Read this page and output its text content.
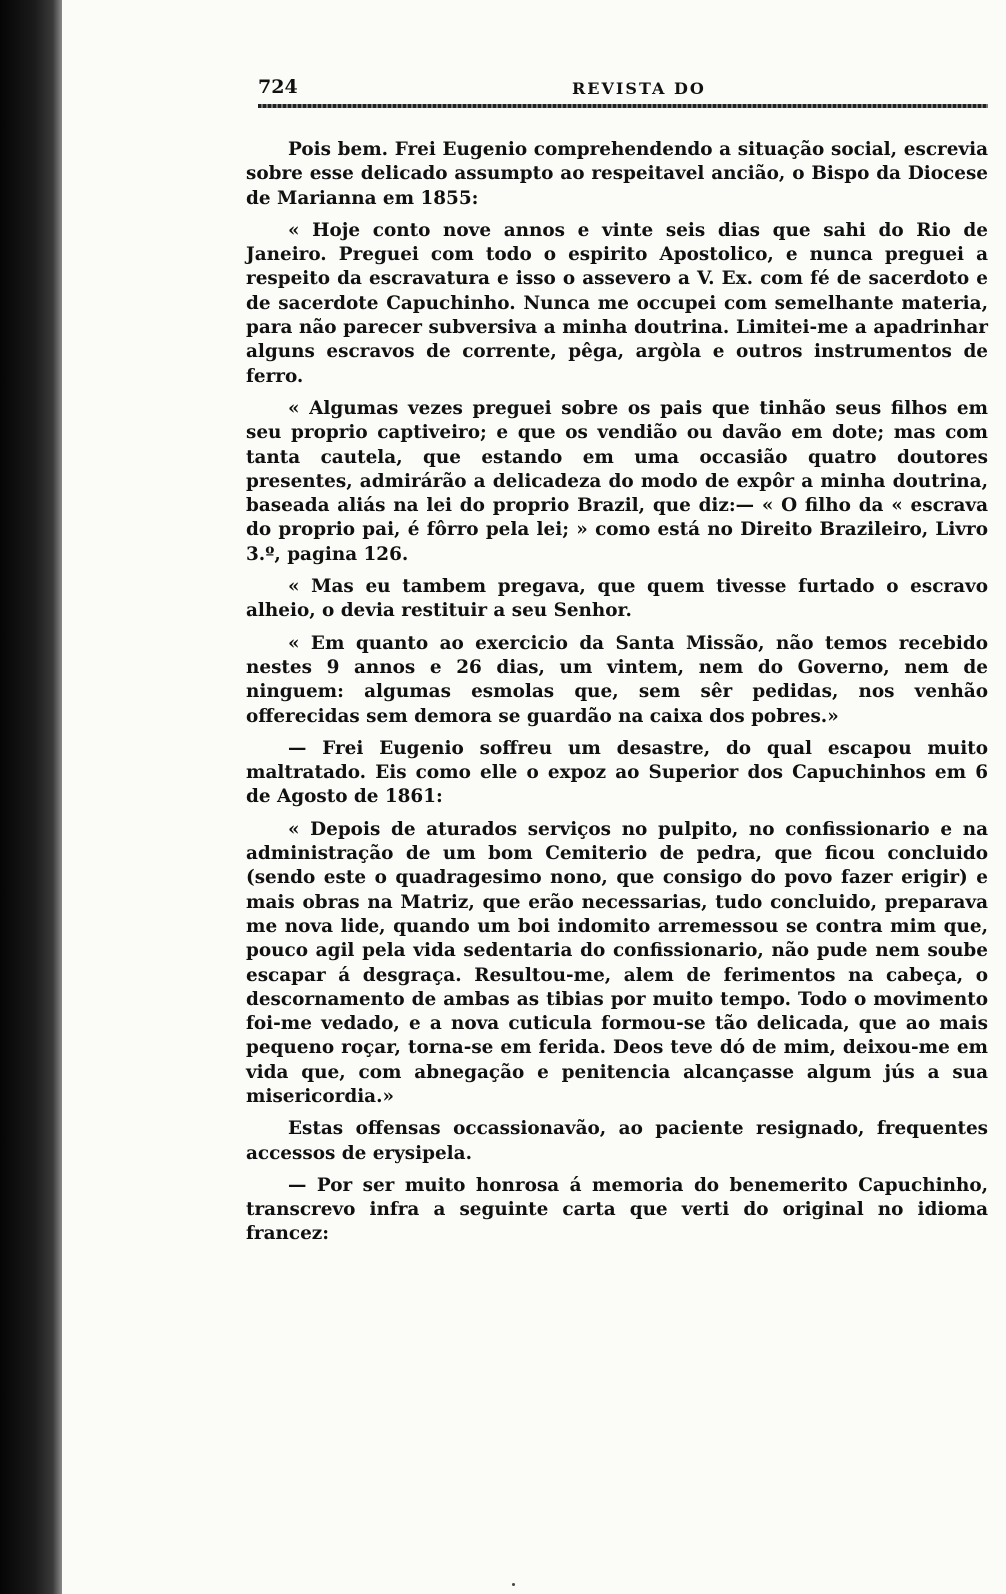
724	REVISTA DO

Pois bem. Frei Eugenio comprehendendo a situação social, escrevia sobre esse delicado assumpto ao respeitavel ancião, o Bispo da Diocese de Marianna em 1855:

« Hoje conto nove annos e vinte seis dias que sahi do Rio de Janeiro. Preguei com todo o espirito Apostolico, e nunca preguei a respeito da escravatura e isso o assevero a V. Ex. com fé de sacerdoto e de sacerdote Capuchinho. Nunca me occupei com semelhante materia, para não parecer subversiva a minha doutrina. Limitei-me a apadrinhar alguns escravos de corrente, pêga, argòla e outros instrumentos de ferro.

« Algumas vezes preguei sobre os pais que tinhão seus filhos em seu proprio captiveiro; e que os vendião ou davão em dote; mas com tanta cautela, que estando em uma occasião quatro doutores presentes, admirárão a delicadeza do modo de expôr a minha doutrina, baseada aliás na lei do proprio Brazil, que diz:— « O filho da « escrava do proprio pai, é fôrro pela lei; » como está no Direito Brazileiro, Livro 3.º, pagina 126.

« Mas eu tambem pregava, que quem tivesse furtado o escravo alheio, o devia restituir a seu Senhor.

« Em quanto ao exercicio da Santa Missão, não temos recebido nestes 9 annos e 26 dias, um vintem, nem do Governo, nem de ninguem: algumas esmolas que, sem sêr pedidas, nos venhão offerecidas sem demora se guardão na caixa dos pobres.»

— Frei Eugenio soffreu um desastre, do qual escapou muito maltratado. Eis como elle o expoz ao Superior dos Capuchinhos em 6 de Agosto de 1861:

« Depois de aturados serviços no pulpito, no confissionario e na administração de um bom Cemiterio de pedra, que ficou concluido (sendo este o quadragesimo nono, que consigo do povo fazer erigir) e mais obras na Matriz, que erão necessarias, tudo concluido, preparava me nova lide, quando um boi indomito arremessou se contra mim que, pouco agil pela vida sedentaria do confissionario, não pude nem soube escapar á desgraça. Resultou-me, alem de ferimentos na cabeça, o descornamento de ambas as tibias por muito tempo. Todo o movimento foi-me vedado, e a nova cuticula formou-se tão delicada, que ao mais pequeno roçar, torna-se em ferida. Deos teve dó de mim, deixou-me em vida que, com abnegação e penitencia alcançasse algum jús a sua misericordia.»

Estas offensas occassionavão, ao paciente resignado, frequentes accessos de erysipela.

— Por ser muito honrosa á memoria do benemerito Capuchinho, transcrevo infra a seguinte carta que verti do original no idioma francez:
